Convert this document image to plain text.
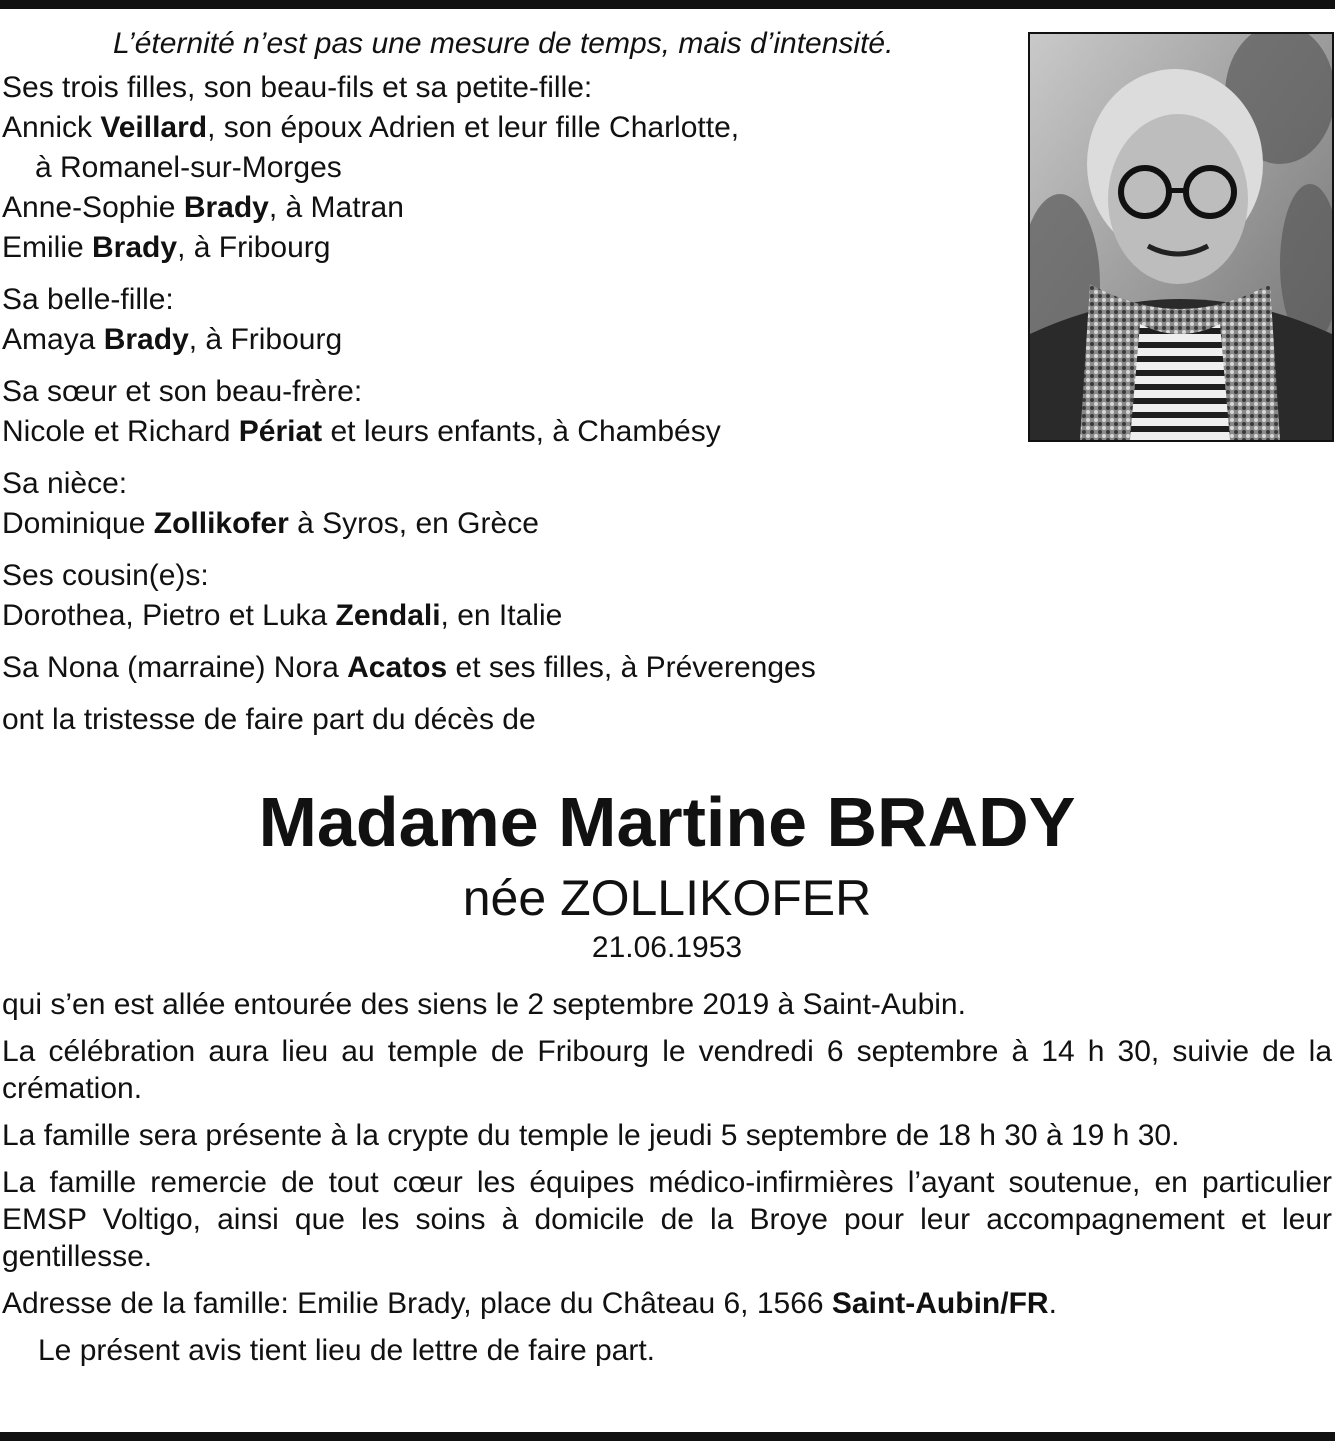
L’éternité n’est pas une mesure de temps, mais d’intensité.
Ses trois filles, son beau-fils et sa petite-fille:
Annick Veillard, son époux Adrien et leur fille Charlotte,
à Romanel-sur-Morges
Anne-Sophie Brady, à Matran
Emilie Brady, à Fribourg
Sa belle-fille:
Amaya Brady, à Fribourg
Sa sœur et son beau-frère:
Nicole et Richard Périat et leurs enfants, à Chambésy
Sa nièce:
Dominique Zollikofer à Syros, en Grèce
Ses cousin(e)s:
Dorothea, Pietro et Luka Zendali, en Italie
Sa Nona (marraine) Nora Acatos et ses filles, à Préverenges
ont la tristesse de faire part du décès de
Madame Martine BRADY
née ZOLLIKOFER
21.06.1953
qui s’en est allée entourée des siens le 2 septembre 2019 à Saint-Aubin.
La célébration aura lieu au temple de Fribourg le vendredi 6 septembre à 14 h 30, suivie de la crémation.
La famille sera présente à la crypte du temple le jeudi 5 septembre de 18 h 30 à 19 h 30.
La famille remercie de tout cœur les équipes médico-infirmières l’ayant soutenue, en particulier EMSP Voltigo, ainsi que les soins à domicile de la Broye pour leur accompagnement et leur gentillesse.
Adresse de la famille: Emilie Brady, place du Château 6, 1566 Saint-Aubin/FR.
Le présent avis tient lieu de lettre de faire part.
